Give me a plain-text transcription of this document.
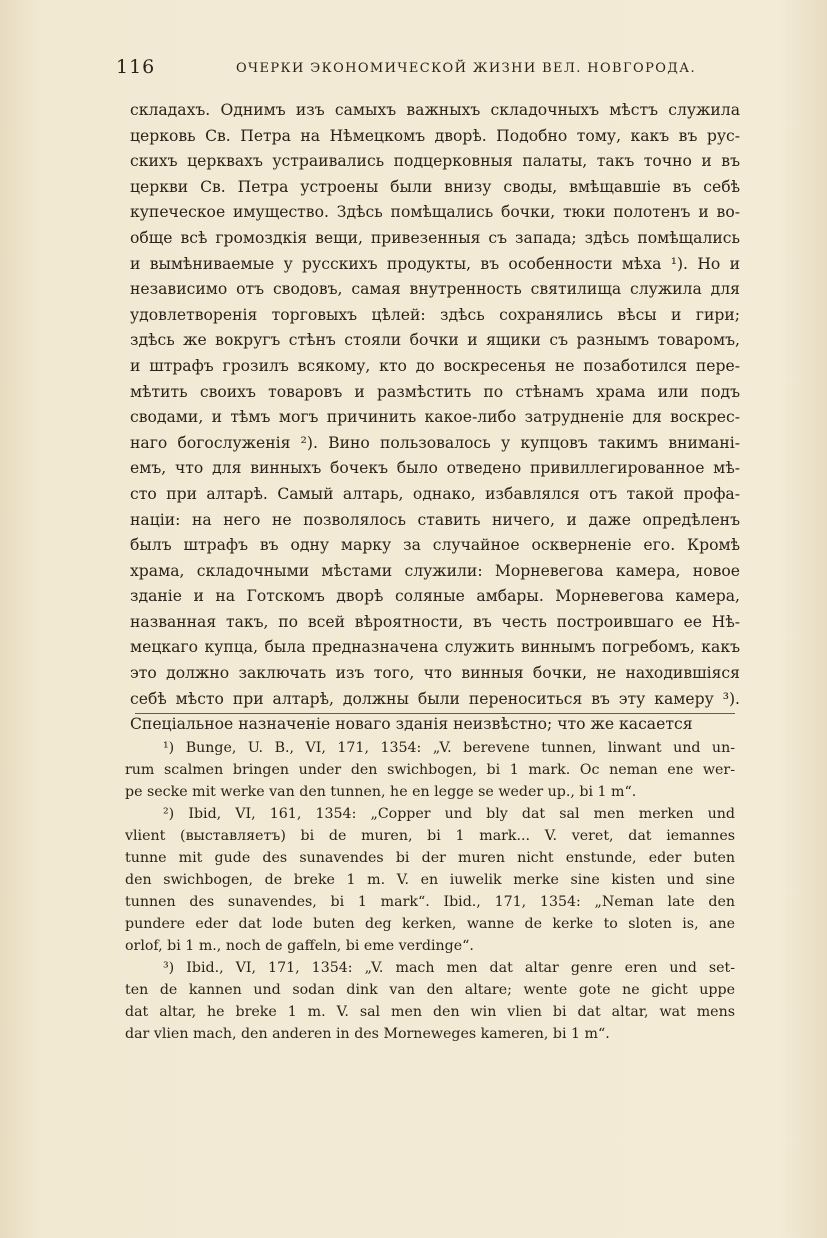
116	ОЧЕРКИ ЭКОНОМИЧЕСКОЙ ЖИЗНИ ВЕЛ. НОВГОРОДА.
складахъ. Однимъ изъ самыхъ важныхъ складочныхъ мѣстъ служила
церковь Св. Петра на Нѣмецкомъ дворѣ. Подобно тому, какъ въ рус-
скихъ церквахъ устраивались подцерковныя палаты, такъ точно и въ
церкви Св. Петра устроены были внизу своды, вмѣщавшіе въ себѣ
купеческое имущество. Здѣсь помѣщались бочки, тюки полотенъ и во-
обще всѣ громоздкія вещи, привезенныя съ запада; здѣсь помѣщались
и вымѣниваемые у русскихъ продукты, въ особенности мѣха ¹). Но и
независимо отъ сводовъ, самая внутренность святилища служила для
удовлетворенія торговыхъ цѣлей: здѣсь сохранялись вѣсы и гири;
здѣсь же вокругъ стѣнъ стояли бочки и ящики съ разнымъ товаромъ,
и штрафъ грозилъ всякому, кто до воскресенья не позаботился пере-
мѣтить своихъ товаровъ и размѣстить по стѣнамъ храма или подъ
сводами, и тѣмъ могъ причинить какое-либо затрудненіе для воскрес-
наго богослуженія ²). Вино пользовалось у купцовъ такимъ вниманi-
емъ, что для винныхъ бочекъ было отведено привиллегированное мѣ-
сто при алтарѣ. Самый алтарь, однако, избавлялся отъ такой профа-
націи: на него не позволялось ставить ничего, и даже опредѣленъ
былъ штрафъ въ одну марку за случайное оскверненіе его. Кромѣ
храма, складочными мѣстами служили: Морневегова камера, новое
зданіе и на Готскомъ дворѣ соляные амбары. Морневегова камера,
названная такъ, по всей вѣроятности, въ честь построившаго ее Нѣ-
мецкаго купца, была предназначена служить виннымъ погребомъ, какъ
это должно заключать изъ того, что винныя бочки, не находившіяся
себѣ мѣсто при алтарѣ, должны были переноситься въ эту камеру ³).
Спеціальное назначеніе новаго зданія неизвѣстно; что же касается
¹) Bunge, U. B., VI, 171, 1354: „V. berevene tunnen, linwant und un-
rum scalmen bringen under den swichbogen, bi 1 mark. Oc neman ene wer-
pe secke mit werke van den tunnen, he en legge se weder up., bi 1 m“.
²) Ibid, VI, 161, 1354: „Copper und bly dat sal men merken und
vlient (выставляетъ) bi de muren, bi 1 mark... V. veret, dat iemannes
tunne mit gude des sunavendes bi der muren nicht enstunde, eder buten
den swichbogen, de breke 1 m. V. en iuwelik merke sine kisten und sine
tunnen des sunavendes, bi 1 mark“. Ibid., 171, 1354: „Neman late den
pundere eder dat lode buten deg kerken, wanne de kerke to sloten is, ane
orlof, bi 1 m., noch de gaffeln, bi eme verdinge“.
³) Ibid., VI, 171, 1354: „V. mach men dat altar genre eren und set-
ten de kannen und sodan dink van den altare; wente gote ne gicht uppe
dat altar, he breke 1 m. V. sal men den win vlien bi dat altar, wat mens
dar vlien mach, den anderen in des Morneweges kameren, bi 1 m“.
